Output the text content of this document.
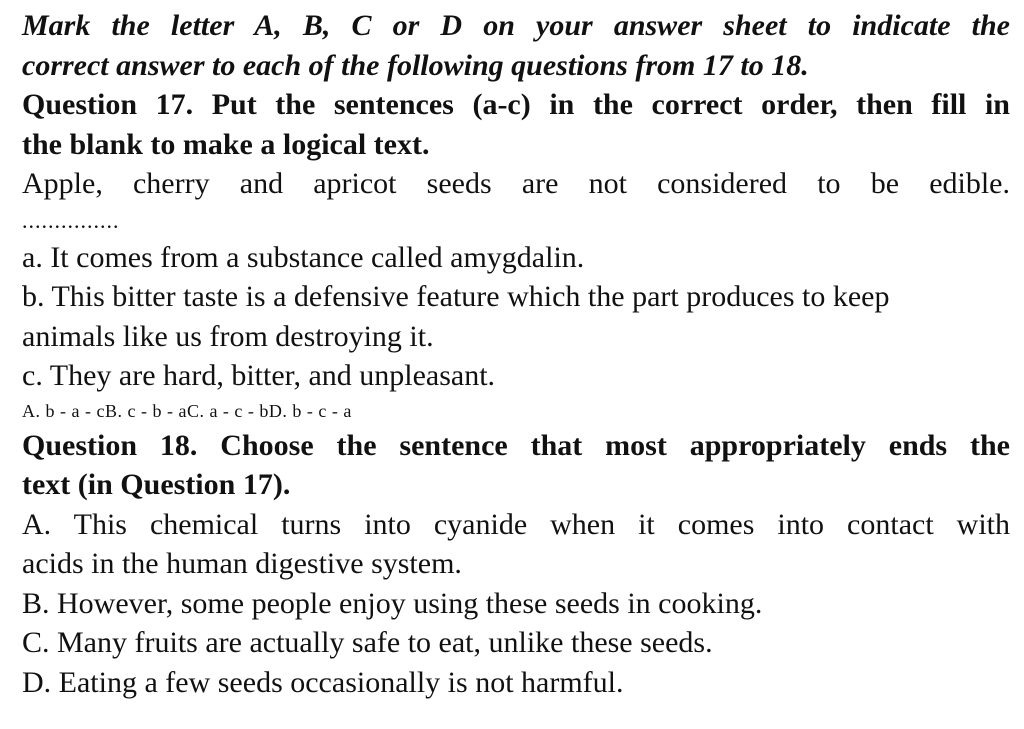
Mark the letter A, B, C or D on your answer sheet to indicate the
correct answer to each of the following questions from 17 to 18.
Question 17. Put the sentences (a-c) in the correct order, then fill in
the blank to make a logical text.
Apple, cherry and apricot seeds are not considered to be edible.
...............
a. It comes from a substance called amygdalin.
b. This bitter taste is a defensive feature which the part produces to keep
animals like us from destroying it.
c. They are hard, bitter, and unpleasant.
A. b - a - cB. c - b - aC. a - c - bD. b - c - a
Question 18. Choose the sentence that most appropriately ends the
text (in Question 17).
A. This chemical turns into cyanide when it comes into contact with
acids in the human digestive system.
B. However, some people enjoy using these seeds in cooking.
C. Many fruits are actually safe to eat, unlike these seeds.
D. Eating a few seeds occasionally is not harmful.
